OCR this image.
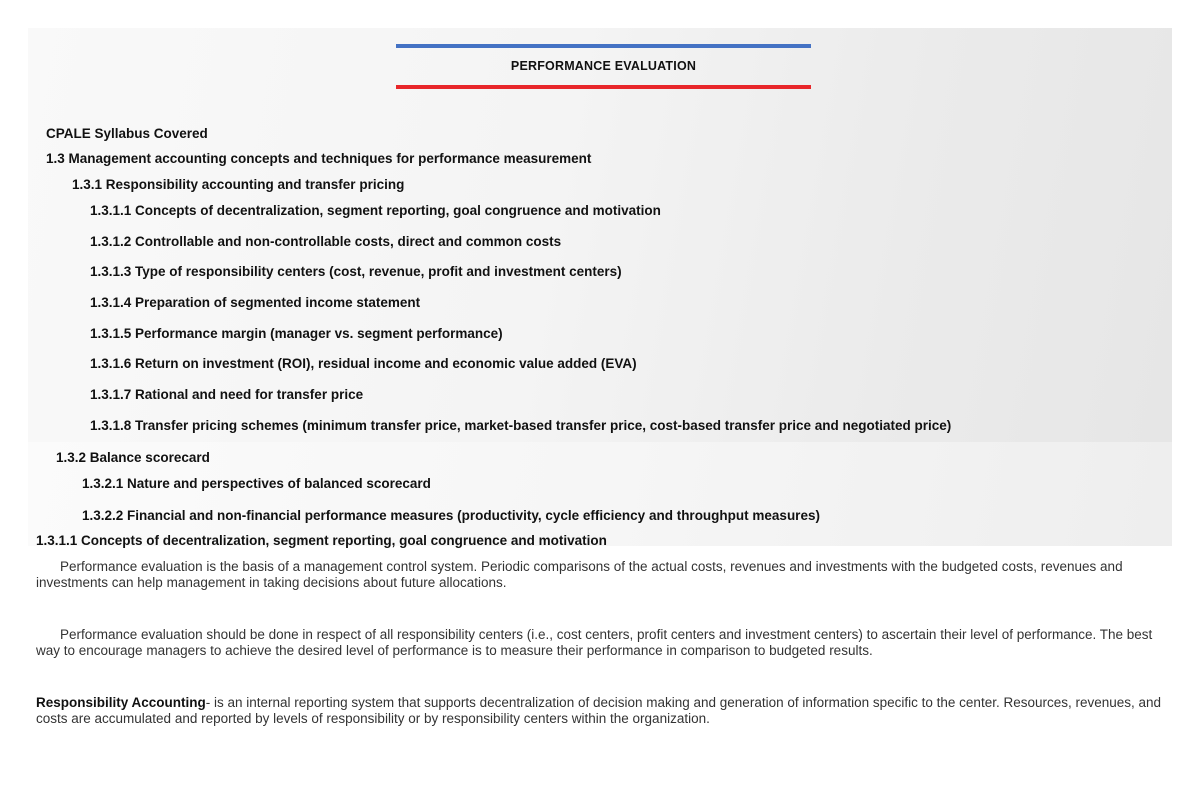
PERFORMANCE EVALUATION
CPALE Syllabus Covered
1.3 Management accounting concepts and techniques for performance measurement
1.3.1 Responsibility accounting and transfer pricing
1.3.1.1 Concepts of decentralization, segment reporting, goal congruence and motivation
1.3.1.2 Controllable and non-controllable costs, direct and common costs
1.3.1.3 Type of responsibility centers (cost, revenue, profit and investment centers)
1.3.1.4 Preparation of segmented income statement
1.3.1.5 Performance margin (manager vs. segment performance)
1.3.1.6 Return on investment (ROI), residual income and economic value added (EVA)
1.3.1.7 Rational and need for transfer price
1.3.1.8 Transfer pricing schemes (minimum transfer price, market-based transfer price, cost-based transfer price and negotiated price)
1.3.2 Balance scorecard
1.3.2.1 Nature and perspectives of balanced scorecard
1.3.2.2 Financial and non-financial performance measures (productivity, cycle efficiency and throughput measures)
1.3.1.1 Concepts of decentralization, segment reporting, goal congruence and motivation
Performance evaluation is the basis of a management control system. Periodic comparisons of the actual costs, revenues and investments with the budgeted costs, revenues and investments can help management in taking decisions about future allocations.
Performance evaluation should be done in respect of all responsibility centers (i.e., cost centers, profit centers and investment centers) to ascertain their level of performance. The best way to encourage managers to achieve the desired level of performance is to measure their performance in comparison to budgeted results.
Responsibility Accounting- is an internal reporting system that supports decentralization of decision making and generation of information specific to the center. Resources, revenues, and costs are accumulated and reported by levels of responsibility or by responsibility centers within the organization.
